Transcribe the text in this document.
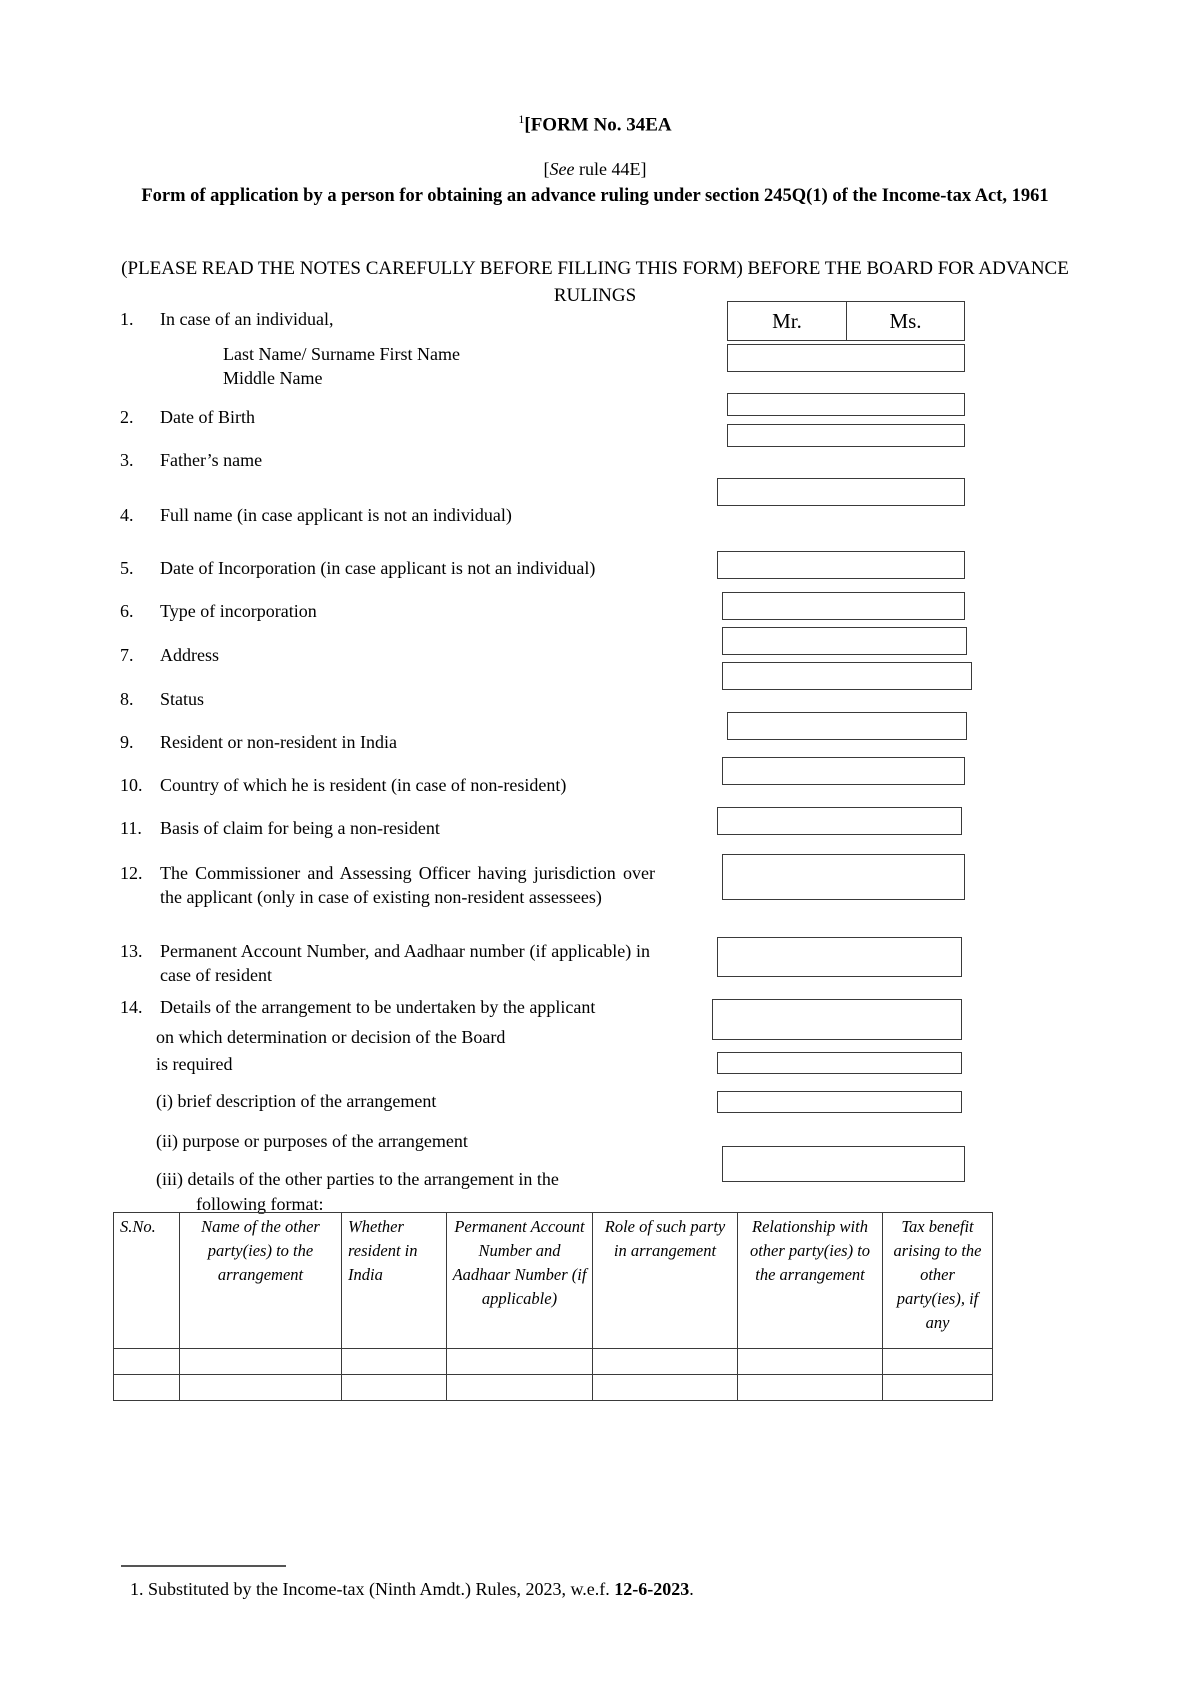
$^1$[FORM No. 34EA
[See rule 44E]
Form of application by a person for obtaining an advance ruling under section 245Q(1) of the Income-tax Act, 1961
(PLEASE READ THE NOTES CAREFULLY BEFORE FILLING THIS FORM) BEFORE THE BOARD FOR ADVANCE RULINGS
1.	In case of an individual,
Last Name/ Surname First Name
Middle Name
Mr.	Ms.
2.	Date of Birth
3.	Father’s name
4.	Full name (in case applicant is not an individual)
5.	Date of Incorporation (in case applicant is not an individual)
6.	Type of incorporation
7.	Address
8.	Status
9.	Resident or non-resident in India
10. Country of which he is resident (in case of non-resident)
11.	Basis of claim for being a non-resident
12. The Commissioner and Assessing Officer having jurisdiction over the applicant (only in case of existing non-resident assessees)
13. Permanent Account Number, and Aadhaar number (if applicable) in case of resident
14. Details of the arrangement to be undertaken by the applicant
on which determination or decision of the Board
is required
(i) brief description of the arrangement
(ii) purpose or purposes of the arrangement
(iii) details of the other parties to the arrangement in the
following format:
S.No.	Name of the other party(ies) to the arrangement	Whether resident in India	Permanent Account Number and Aadhaar Number (if applicable)	Role of such party in arrangement	Relationship with other party(ies) to the arrangement	Tax benefit arising to the other party(ies), if any

1. Substituted by the Income-tax (Ninth Amdt.) Rules, 2023, w.e.f. 12-6-2023.
